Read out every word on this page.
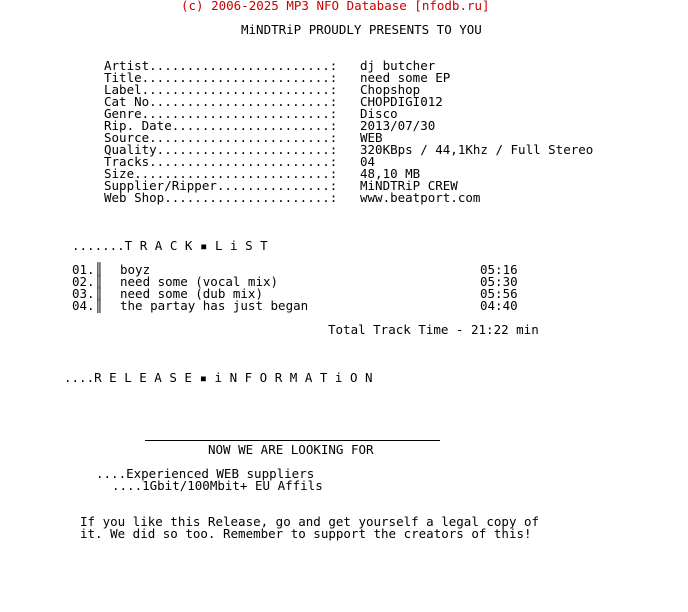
(c) 2006-2025 MP3 NFO Database [nfodb.ru]
MiNDTRiP PROUDLY PRESENTS TO YOU
Artist........................: dj butcher
Title.........................: need some EP
Label.........................: Chopshop
Cat No........................: CHOPDIGI012
Genre.........................: Disco
Rip. Date.....................: 2013/07/30
Source........................: WEB
Quality.......................: 320KBps / 44,1Khz / Full Stereo
Tracks........................: 04
Size..........................: 48,10 MB
Supplier/Ripper...............: MiNDTRiP CREW
Web Shop......................: www.beatport.com
.......T R A C K ▪ L i S T
01. ║ boyz	05:16
02. ║ need some (vocal mix)	05:30
03. ║ need some (dub mix)	05:56
04. ║ the partay has just began	04:40
Total Track Time - 21:22 min
....R E L E A S E ▪ i N F O R M A T i O N
NOW WE ARE LOOKING FOR
....Experienced WEB suppliers
....1Gbit/100Mbit+ EU Affils
If you like this Release, go and get yourself a legal copy of
it. We did so too. Remember to support the creators of this!
